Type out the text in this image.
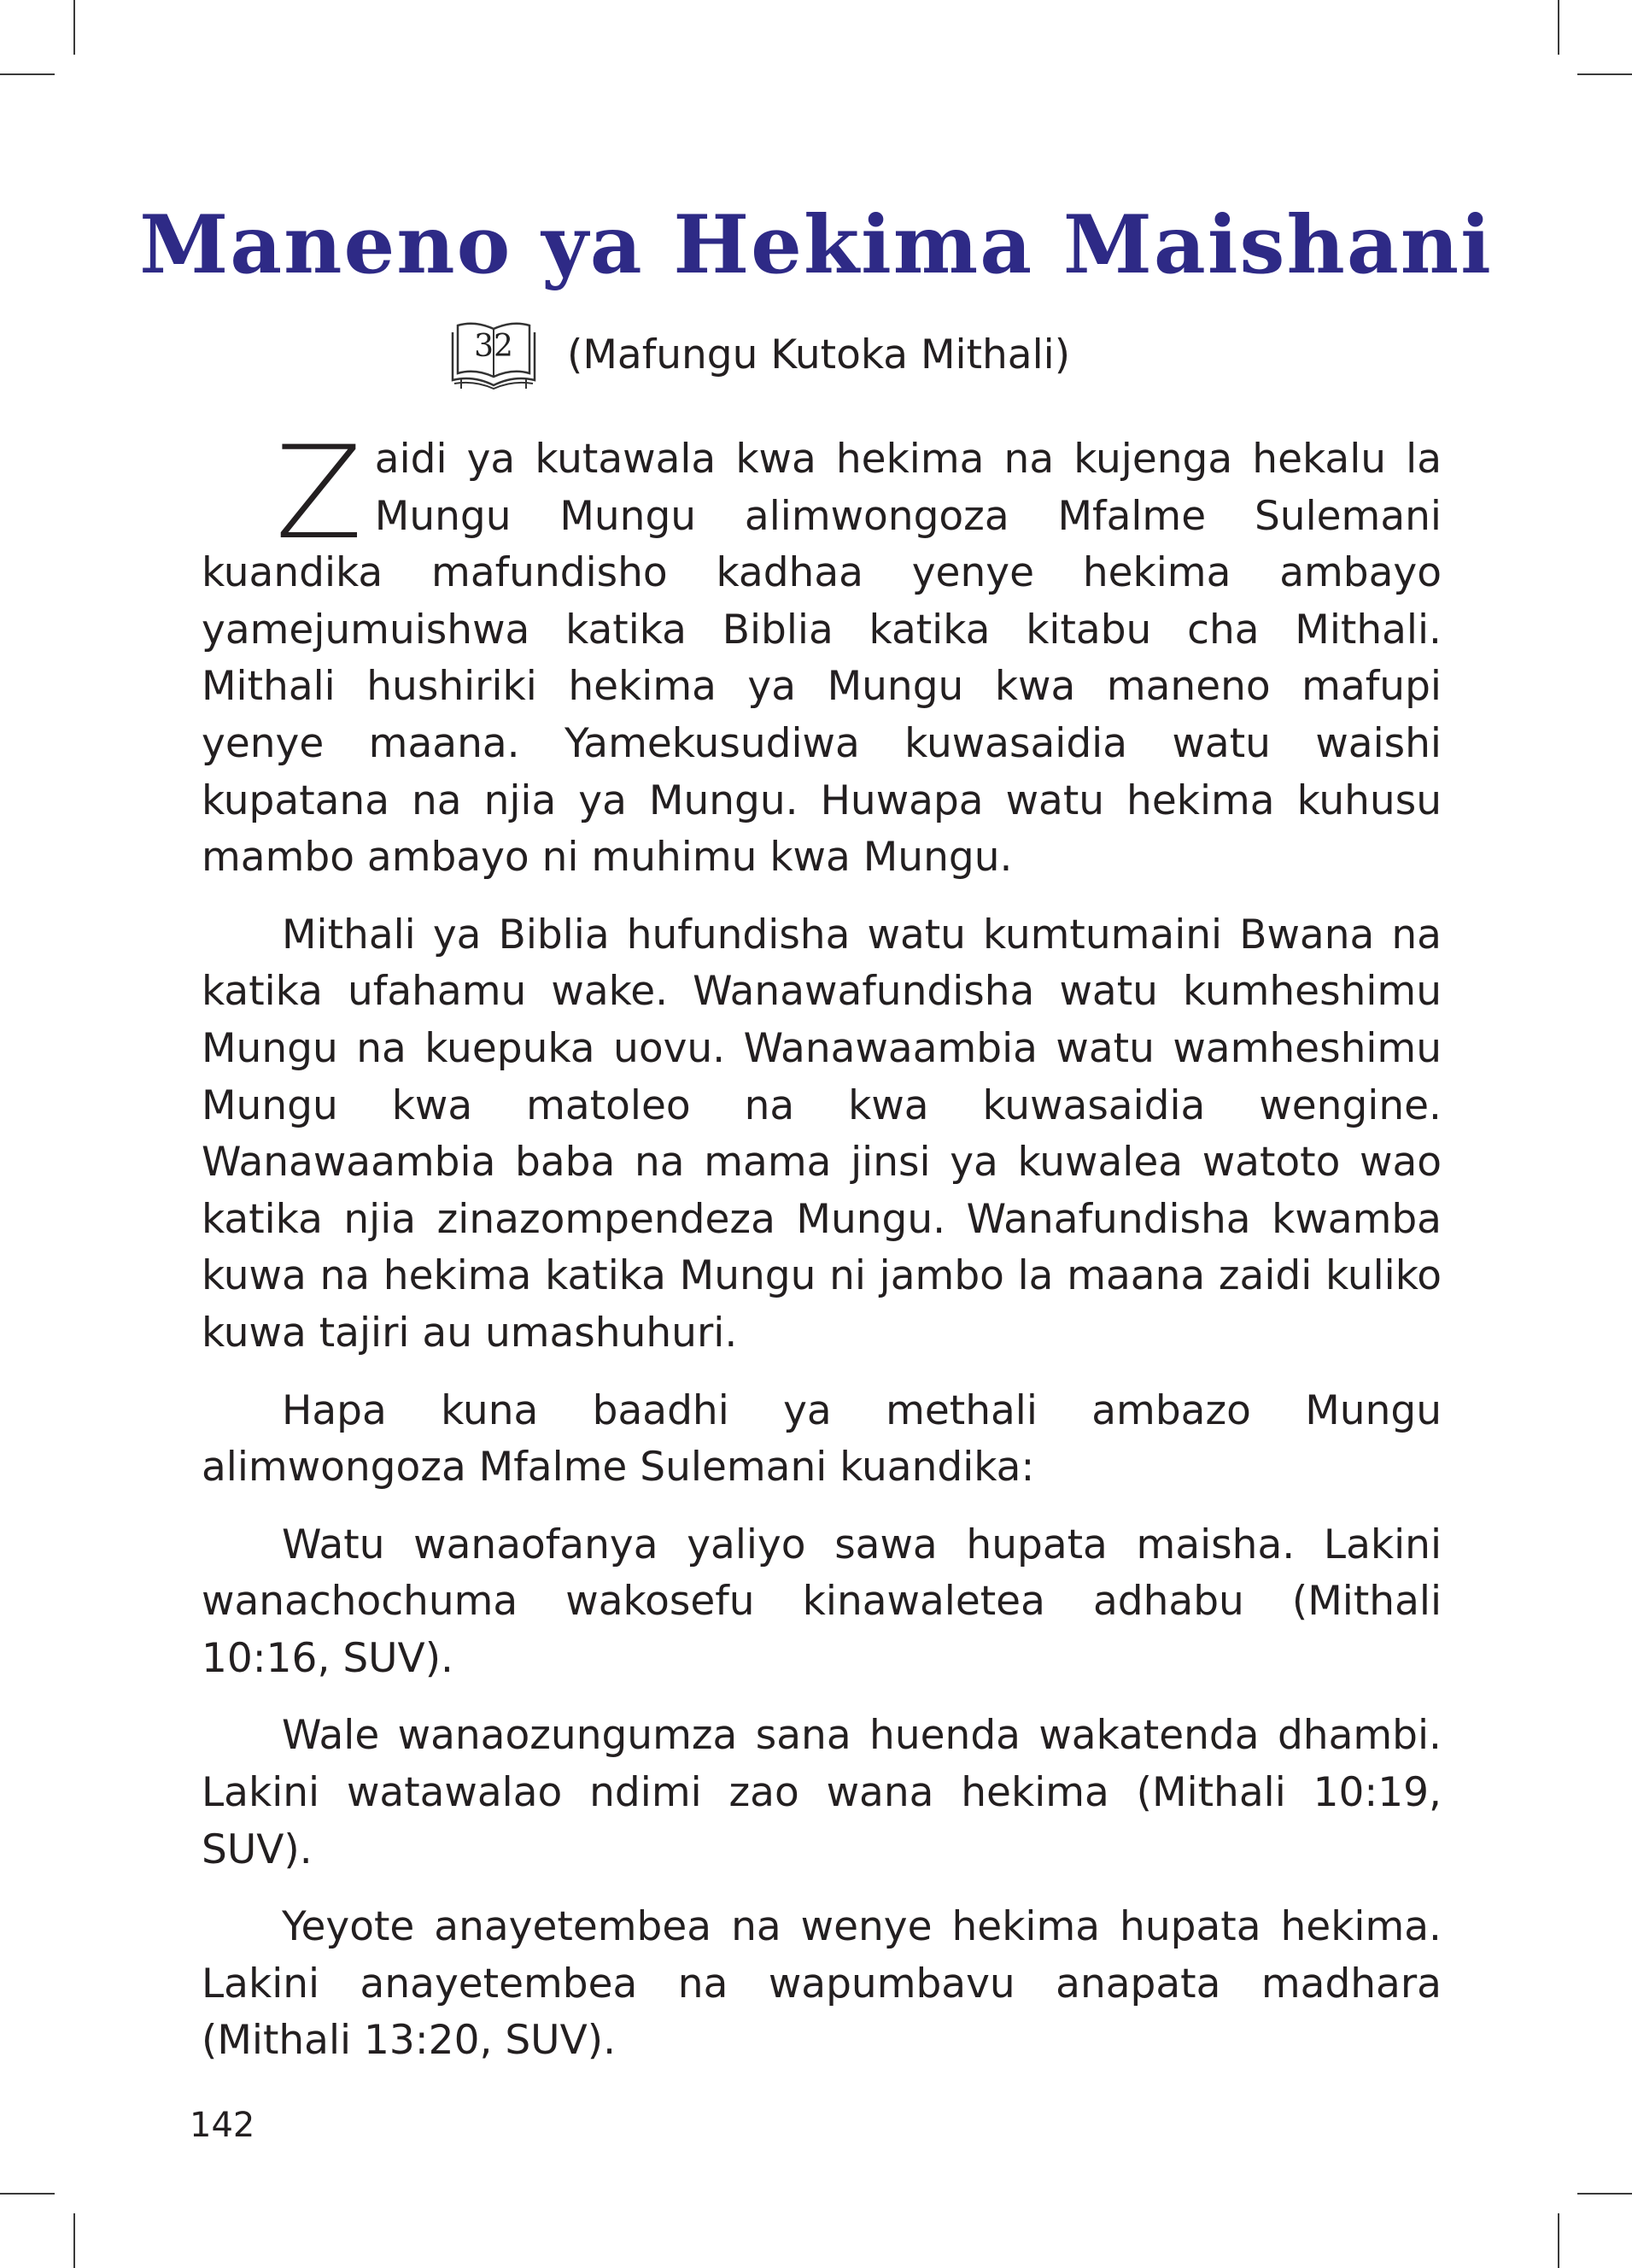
Maneno ya Hekima Maishani
32	(Mafungu Kutoka Mithali)

Zaidi ya kutawala kwa hekima na kujenga hekalu la Mungu Mungu alimwongoza Mfalme Sulemani kuandika mafundisho kadhaa yenye hekima ambayo yamejumuishwa katika Biblia katika kitabu cha Mithali. Mithali hushiriki hekima ya Mungu kwa maneno mafupi yenye maana. Yamekusudiwa kuwasaidia watu waishi kupatana na njia ya Mungu. Huwapa watu hekima kuhusu mambo ambayo ni muhimu kwa Mungu.

Mithali ya Biblia hufundisha watu kumtumaini Bwana na katika ufahamu wake. Wanawafundisha watu kumheshimu Mungu na kuepuka uovu. Wanawaambia watu wamheshimu Mungu kwa matoleo na kwa kuwasaidia wengine. Wanawaambia baba na mama jinsi ya kuwalea watoto wao katika njia zinazompendeza Mungu. Wanafundisha kwamba kuwa na hekima katika Mungu ni jambo la maana zaidi kuliko kuwa tajiri au umashuhuri.

Hapa kuna baadhi ya methali ambazo Mungu alimwongoza Mfalme Sulemani kuandika:

Watu wanaofanya yaliyo sawa hupata maisha. Lakini wanachochuma wakosefu kinawaletea adhabu (Mithali 10:16, SUV).

Wale wanaozungumza sana huenda wakatenda dhambi. Lakini watawalao ndimi zao wana hekima (Mithali 10:19, SUV).

Yeyote anayetembea na wenye hekima hupata hekima. Lakini anayetembea na wapumbavu anapata madhara (Mithali 13:20, SUV).

142
